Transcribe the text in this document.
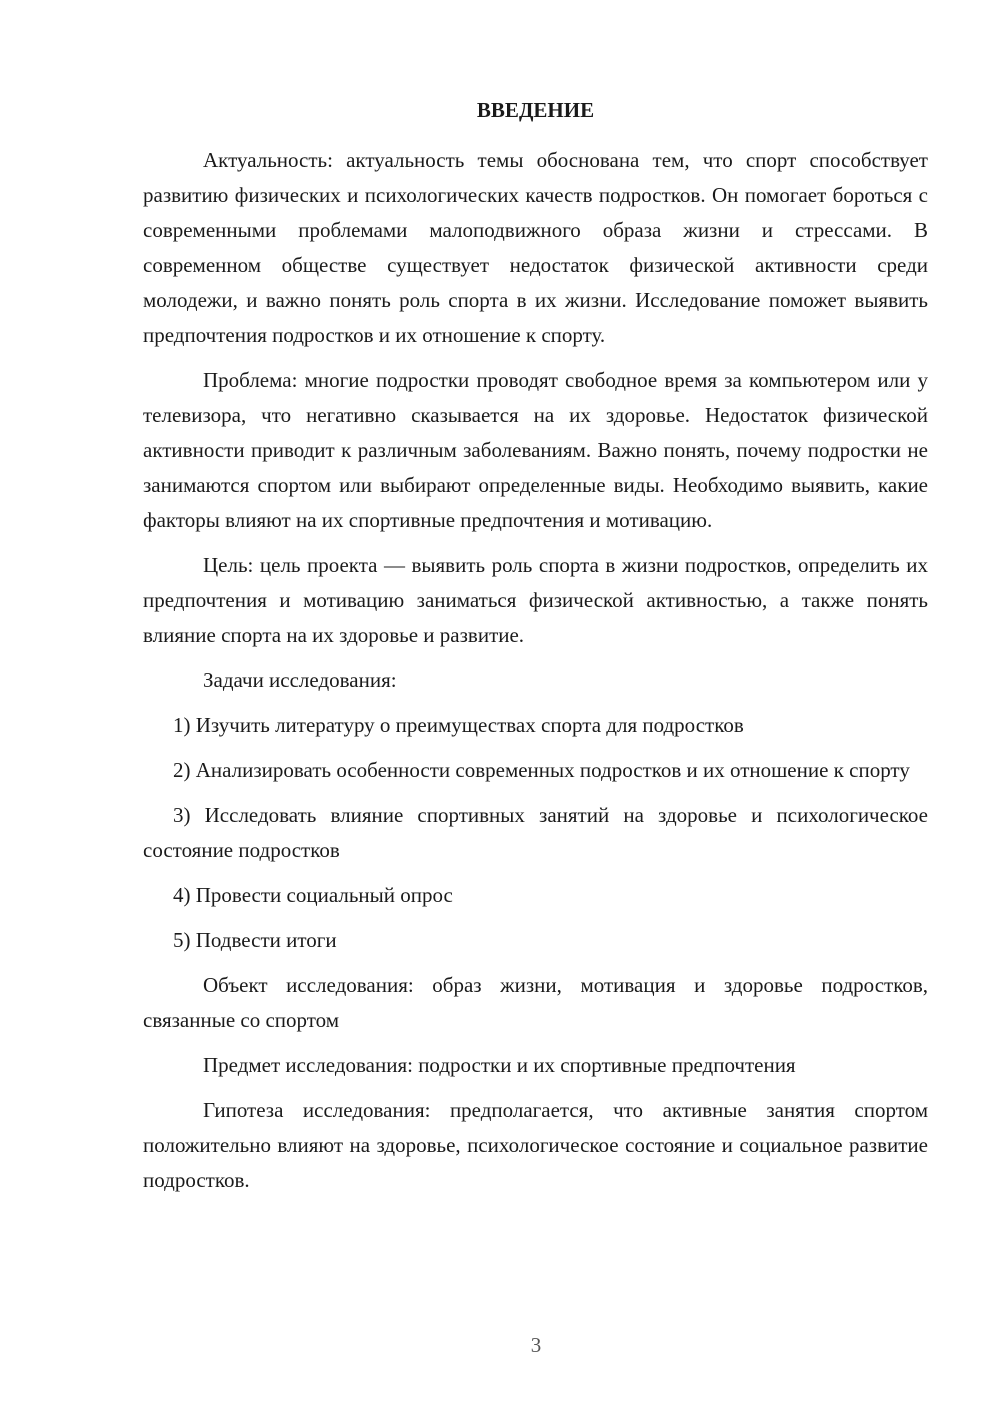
ВВЕДЕНИЕ

Актуальность: актуальность темы обоснована тем, что спорт способствует развитию физических и психологических качеств подростков. Он помогает бороться с современными проблемами малоподвижного образа жизни и стрессами. В современном обществе существует недостаток физической активности среди молодежи, и важно понять роль спорта в их жизни. Исследование поможет выявить предпочтения подростков и их отношение к спорту.

Проблема: многие подростки проводят свободное время за компьютером или у телевизора, что негативно сказывается на их здоровье. Недостаток физической активности приводит к различным заболеваниям. Важно понять, почему подростки не занимаются спортом или выбирают определенные виды. Необходимо выявить, какие факторы влияют на их спортивные предпочтения и мотивацию.

Цель: цель проекта — выявить роль спорта в жизни подростков, определить их предпочтения и мотивацию заниматься физической активностью, а также понять влияние спорта на их здоровье и развитие.

Задачи исследования:

1) Изучить литературу о преимуществах спорта для подростков

2) Анализировать особенности современных подростков и их отношение к спорту

3) Исследовать влияние спортивных занятий на здоровье и психологическое состояние подростков

4) Провести социальный опрос

5) Подвести итоги

Объект исследования: образ жизни, мотивация и здоровье подростков, связанные со спортом

Предмет исследования: подростки и их спортивные предпочтения

Гипотеза исследования: предполагается, что активные занятия спортом положительно влияют на здоровье, психологическое состояние и социальное развитие подростков.

3
